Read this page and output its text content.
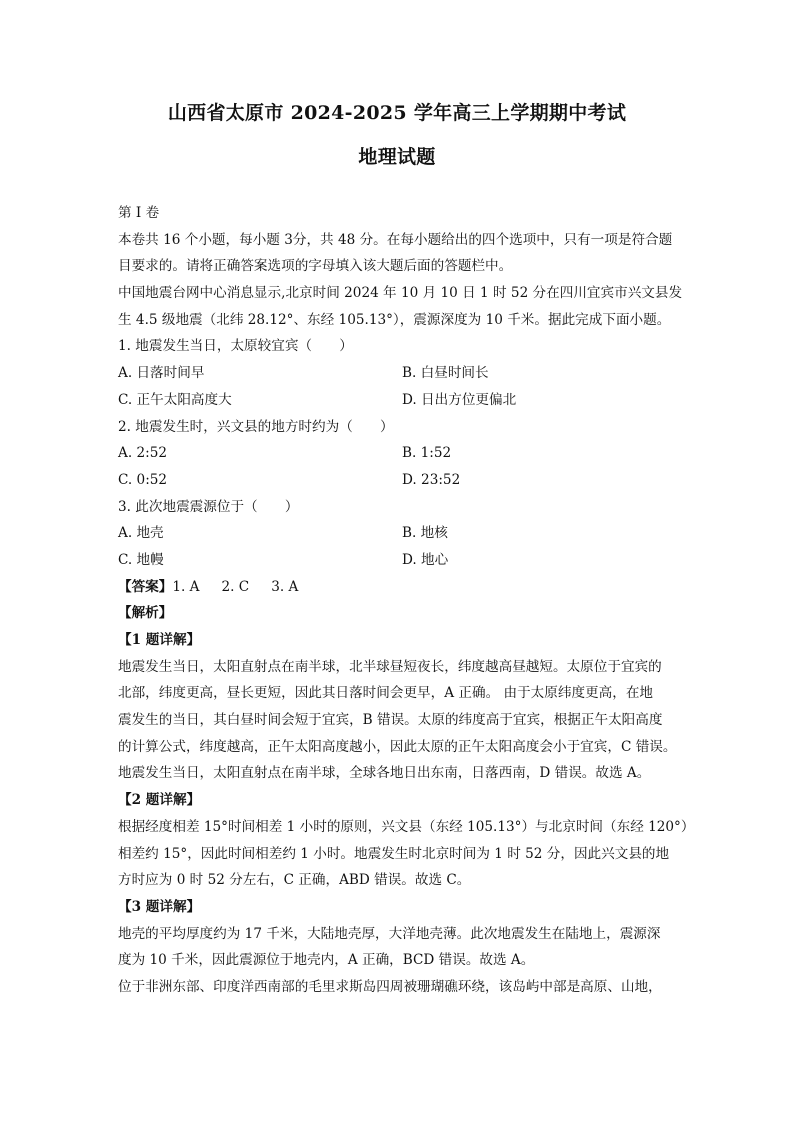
山西省太原市 2024-2025 学年高三上学期期中考试
地理试题
第 I 卷
本卷共 16 个小题，每小题 3分，共 48 分。在每小题给出的四个选项中，只有一项是符合题
目要求的。请将正确答案选项的字母填入该大题后面的答题栏中。
中国地震台网中心消息显示,北京时间 2024 年 10 月 10 日 1 时 52 分在四川宜宾市兴文县发
生 4.5 级地震（北纬 28.12°、东经 105.13°），震源深度为 10 千米。据此完成下面小题。
1. 地震发生当日，太原较宜宾（　　）
A. 日落时间早	B. 白昼时间长
C. 正午太阳高度大	D. 日出方位更偏北
2. 地震发生时，兴文县的地方时约为（　　）
A. 2:52	B. 1:52
C. 0:52	D. 23:52
3. 此次地震震源位于（　　）
A. 地壳	B. 地核
C. 地幔	D. 地心
【答案】1. A 2. C 3. A
【解析】
【1 题详解】
地震发生当日，太阳直射点在南半球，北半球昼短夜长，纬度越高昼越短。太原位于宜宾的
北部，纬度更高，昼长更短，因此其日落时间会更早，A 正确。 由于太原纬度更高，在地
震发生的当日，其白昼时间会短于宜宾，B 错误。太原的纬度高于宜宾，根据正午太阳高度
的计算公式，纬度越高，正午太阳高度越小，因此太原的正午太阳高度会小于宜宾，C 错误。
地震发生当日，太阳直射点在南半球，全球各地日出东南，日落西南，D 错误。故选 A。
【2 题详解】
根据经度相差 15°时间相差 1 小时的原则，兴文县（东经 105.13°）与北京时间（东经 120°）
相差约 15°，因此时间相差约 1 小时。地震发生时北京时间为 1 时 52 分，因此兴文县的地
方时应为 0 时 52 分左右，C 正确，ABD 错误。故选 C。
【3 题详解】
地壳的平均厚度约为 17 千米，大陆地壳厚，大洋地壳薄。此次地震发生在陆地上，震源深
度为 10 千米，因此震源位于地壳内，A 正确，BCD 错误。故选 A。
位于非洲东部、印度洋西南部的毛里求斯岛四周被珊瑚礁环绕，该岛屿中部是高原、山地，
